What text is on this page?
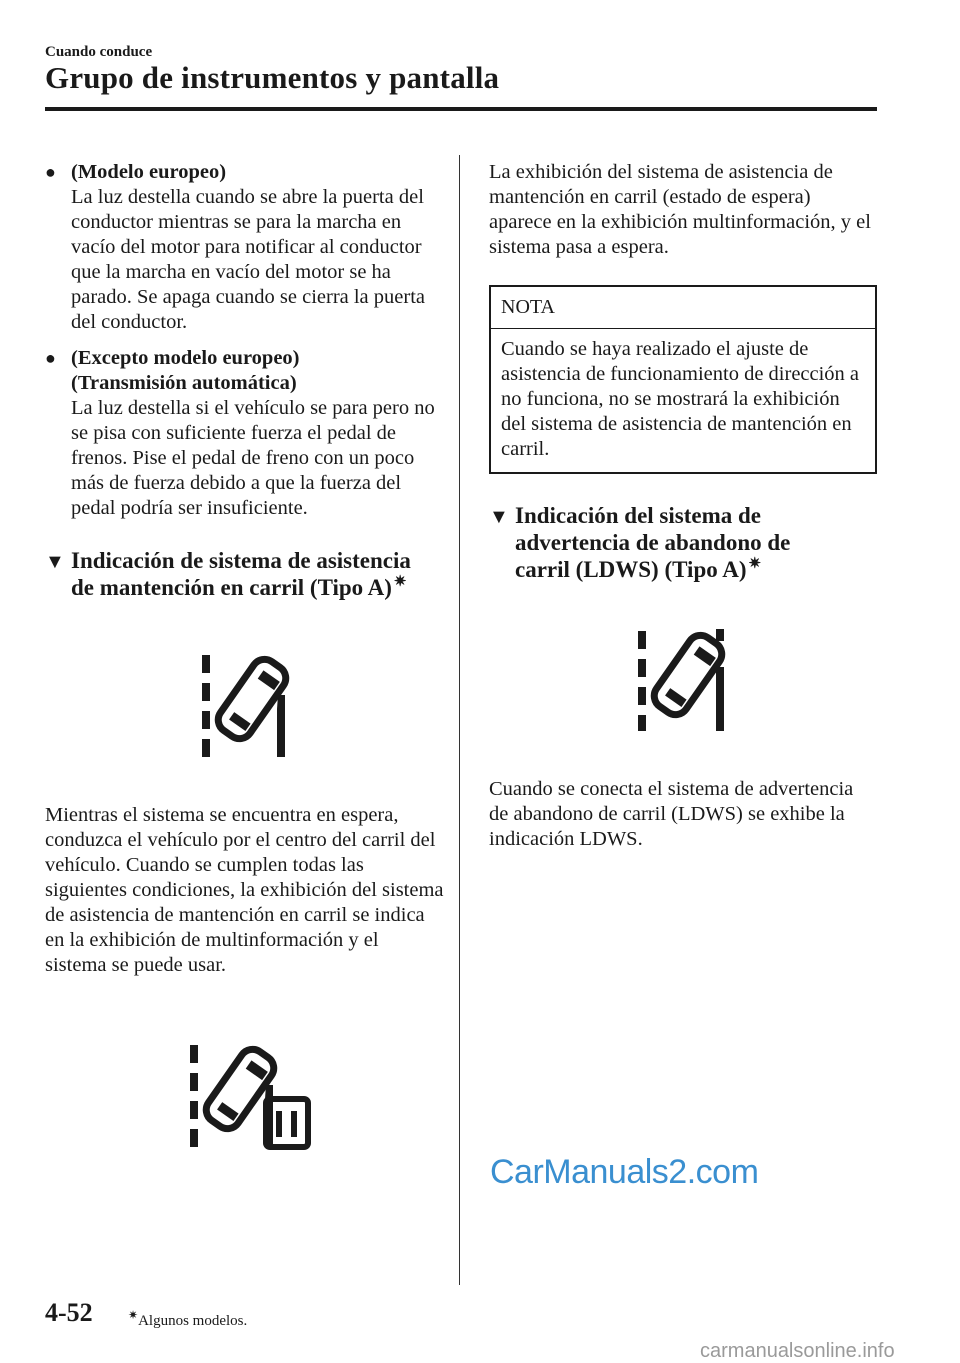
Cuando conduce
Grupo de instrumentos y pantalla
● (Modelo europeo)
La luz destella cuando se abre la puerta del conductor mientras se para la marcha en vacío del motor para notificar al conductor que la marcha en vacío del motor se ha parado. Se apaga cuando se cierra la puerta del conductor.
● (Excepto modelo europeo)
(Transmisión automática)
La luz destella si el vehículo se para pero no se pisa con suficiente fuerza el pedal de frenos. Pise el pedal de freno con un poco más de fuerza debido a que la fuerza del pedal podría ser insuficiente.
▼ Indicación de sistema de asistencia
de mantención en carril (Tipo A) ✷
Mientras el sistema se encuentra en espera, conduzca el vehículo por el centro del carril del vehículo. Cuando se cumplen todas las siguientes condiciones, la exhibición del sistema de asistencia de mantención en carril se indica en la exhibición de multinformación y el sistema se puede usar.
La exhibición del sistema de asistencia de mantención en carril (estado de espera) aparece en la exhibición multinformación, y el sistema pasa a espera.
NOTA
Cuando se haya realizado el ajuste de asistencia de funcionamiento de dirección a no funciona, no se mostrará la exhibición del sistema de asistencia de mantención en carril.
▼ Indicación del sistema de
advertencia de abandono de
carril (LDWS) (Tipo A) ✷
Cuando se conecta el sistema de advertencia de abandono de carril (LDWS) se exhibe la indicación LDWS.
CarManuals2.com
carmanualsonline.info
4-52	✷Algunos modelos.
